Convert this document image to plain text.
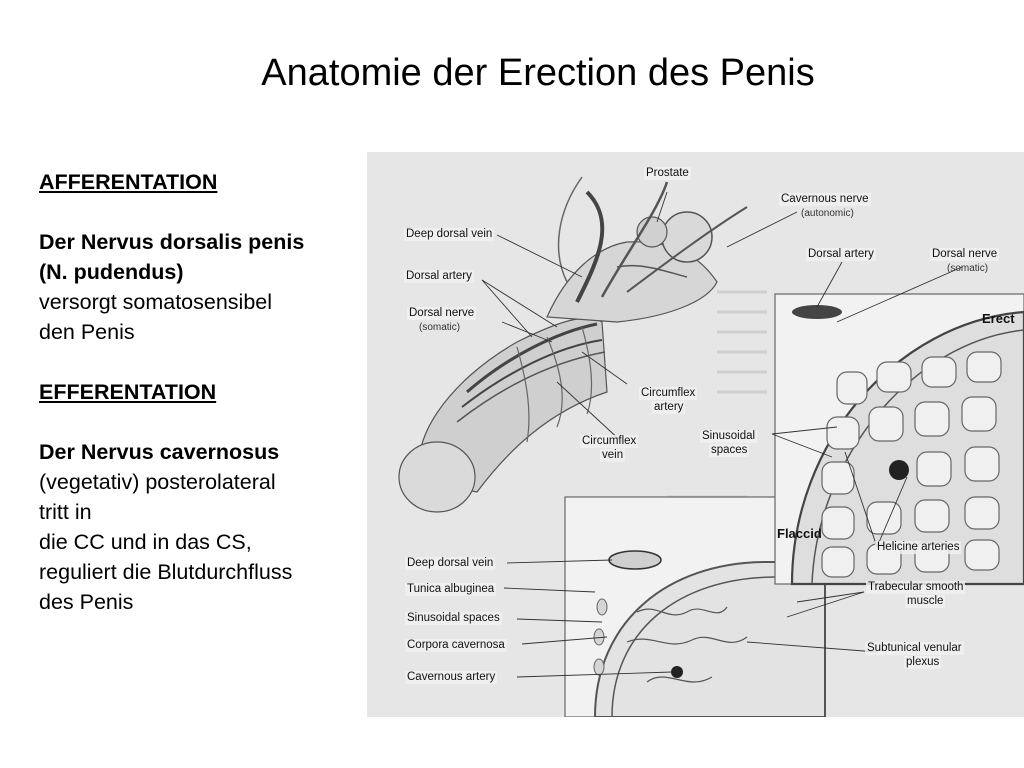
Anatomie der Erection des Penis
AFFERENTATION
Der Nervus dorsalis penis
(N. pudendus)
versorgt somatosensibel
den Penis
EFFERENTATION
Der Nervus cavernosus
(vegetativ) posterolateral
tritt in
die CC und in das CS,
reguliert die Blutdurchfluss
des Penis
Prostate
Cavernous nerve
(autonomic)
Deep dorsal vein
Dorsal artery
Dorsal nerve
(somatic)
Circumflex
artery
Circumflex
vein
Dorsal artery	Dorsal nerve
(somatic)
Erect
Sinusoidal
spaces
Flaccid
Helicine arteries
Trabecular smooth
muscle
Subtunical venular
plexus
Deep dorsal vein
Tunica albuginea
Sinusoidal spaces
Corpora cavernosa
Cavernous artery
